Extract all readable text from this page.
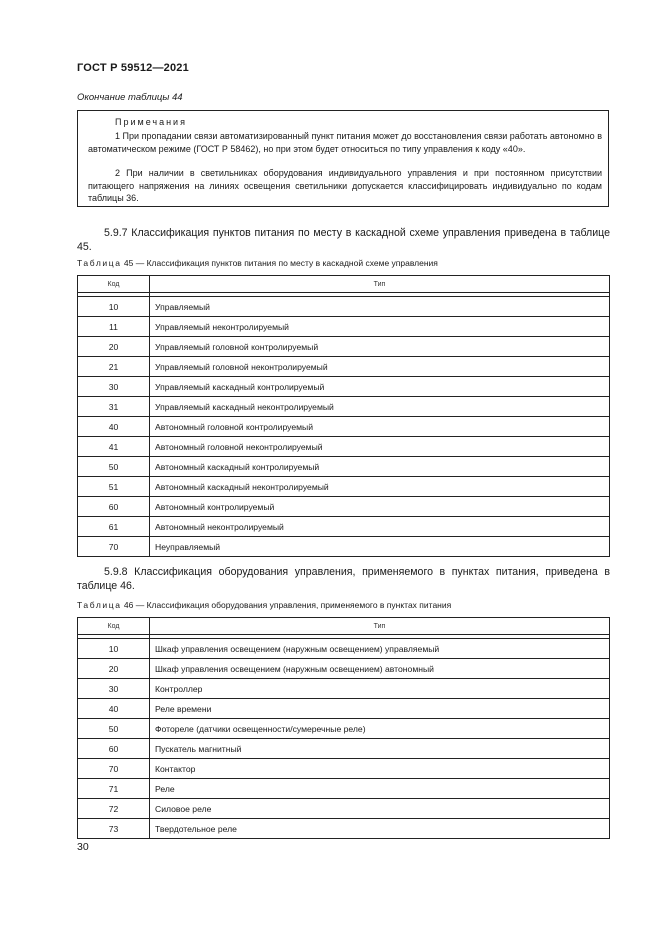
ГОСТ Р 59512—2021
Окончание таблицы 44
Примечания
1 При пропадании связи автоматизированный пункт питания может до восстановления связи работать автономно в автоматическом режиме (ГОСТ Р 58462), но при этом будет относиться по типу управления к коду «40».
2 При наличии в светильниках оборудования индивидуального управления и при постоянном присутствии питающего напряжения на линиях освещения светильники допускается классифицировать индивидуально по кодам таблицы 36.
5.9.7 Классификация пунктов питания по месту в каскадной схеме управления приведена в таблице 45.
Таблица 45 — Классификация пунктов питания по месту в каскадной схеме управления
Код	Тип

10	Управляемый
11	Управляемый неконтролируемый
20	Управляемый головной контролируемый
21	Управляемый головной неконтролируемый
30	Управляемый каскадный контролируемый
31	Управляемый каскадный неконтролируемый
40	Автономный головной контролируемый
41	Автономный головной неконтролируемый
50	Автономный каскадный контролируемый
51	Автономный каскадный неконтролируемый
60	Автономный контролируемый
61	Автономный неконтролируемый
70	Неуправляемый
5.9.8 Классификация оборудования управления, применяемого в пунктах питания, приведена в таблице 46.
Таблица 46 — Классификация оборудования управления, применяемого в пунктах питания
Код	Тип

10	Шкаф управления освещением (наружным освещением) управляемый
20	Шкаф управления освещением (наружным освещением) автономный
30	Контроллер
40	Реле времени
50	Фотореле (датчики освещенности/сумеречные реле)
60	Пускатель магнитный
70	Контактор
71	Реле
72	Силовое реле
73	Твердотельное реле
30
